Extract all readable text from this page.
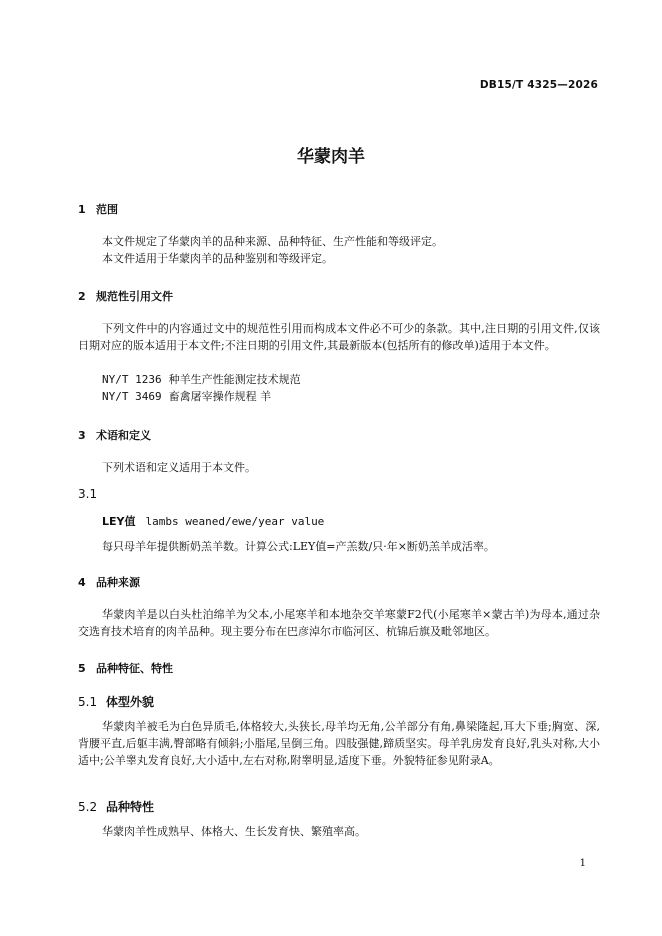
DB15/T 4325—2026
华蒙肉羊
1 范围
本文件规定了华蒙肉羊的品种来源、品种特征、生产性能和等级评定。
本文件适用于华蒙肉羊的品种鉴别和等级评定。
2 规范性引用文件
下列文件中的内容通过文中的规范性引用而构成本文件必不可少的条款。其中,注日期的引用文件,仅该日期对应的版本适用于本文件;不注日期的引用文件,其最新版本(包括所有的修改单)适用于本文件。
NY/T 1236 种羊生产性能测定技术规范
NY/T 3469 畜禽屠宰操作规程 羊
3 术语和定义
下列术语和定义适用于本文件。
3.1
LEY值 lambs weaned/ewe/year value
每只母羊年提供断奶羔羊数。计算公式:LEY值=产羔数/只·年×断奶羔羊成活率。
4 品种来源
华蒙肉羊是以白头杜泊绵羊为父本,小尾寒羊和本地杂交羊寒蒙F2代(小尾寒羊×蒙古羊)为母本,通过杂交选育技术培育的肉羊品种。现主要分布在巴彦淖尔市临河区、杭锦后旗及毗邻地区。
5 品种特征、特性
5.1 体型外貌
华蒙肉羊被毛为白色异质毛,体格较大,头狭长,母羊均无角,公羊部分有角,鼻梁隆起,耳大下垂;胸宽、深,背腰平直,后躯丰满,臀部略有倾斜;小脂尾,呈倒三角。四肢强健,蹄质坚实。母羊乳房发育良好,乳头对称,大小适中;公羊睾丸发育良好,大小适中,左右对称,附睾明显,适度下垂。外貌特征参见附录A。
5.2 品种特性
华蒙肉羊性成熟早、体格大、生长发育快、繁殖率高。
1
